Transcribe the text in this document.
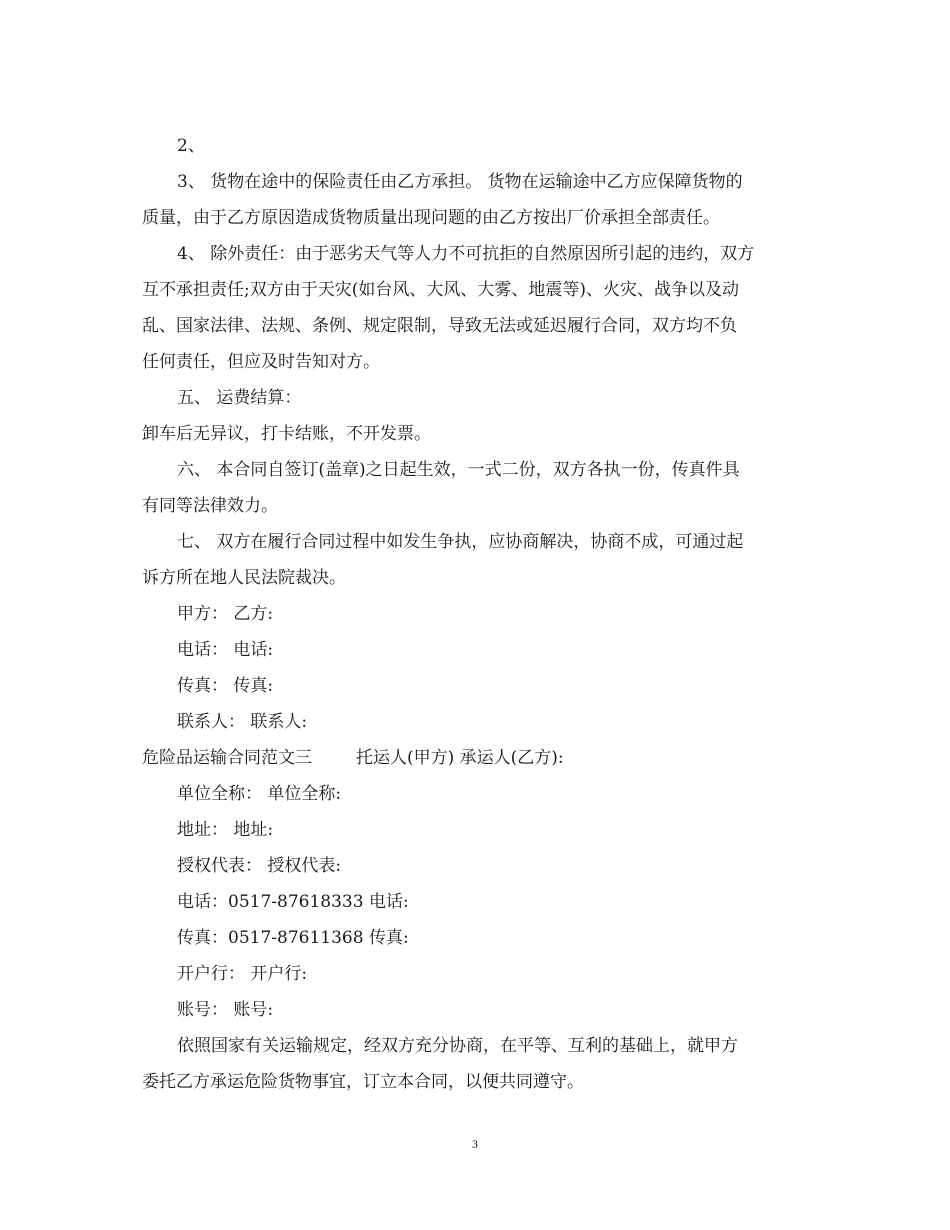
2、
3、 货物在途中的保险责任由乙方承担。 货物在运输途中乙方应保障货物的
质量，由于乙方原因造成货物质量出现问题的由乙方按出厂价承担全部责任。
4、 除外责任：由于恶劣天气等人力不可抗拒的自然原因所引起的违约，双方
互不承担责任;双方由于天灾(如台风、大风、大雾、地震等)、火灾、战争以及动
乱、国家法律、法规、条例、规定限制，导致无法或延迟履行合同，双方均不负
任何责任，但应及时告知对方。
五、 运费结算：
卸车后无异议，打卡结账，不开发票。
六、 本合同自签订(盖章)之日起生效，一式二份，双方各执一份，传真件具
有同等法律效力。
七、 双方在履行合同过程中如发生争执，应协商解决，协商不成，可通过起
诉方所在地人民法院裁决。
甲方： 乙方:
电话： 电话:
传真： 传真:
联系人： 联系人:
危险品运输合同范文三	托运人(甲方) 承运人(乙方):
单位全称： 单位全称:
地址： 地址:
授权代表： 授权代表:
电话：0517-87618333 电话:
传真：0517-87611368 传真:
开户行： 开户行:
账号： 账号:
依照国家有关运输规定，经双方充分协商，在平等、互利的基础上，就甲方
委托乙方承运危险货物事宜，订立本合同，以便共同遵守。
3
